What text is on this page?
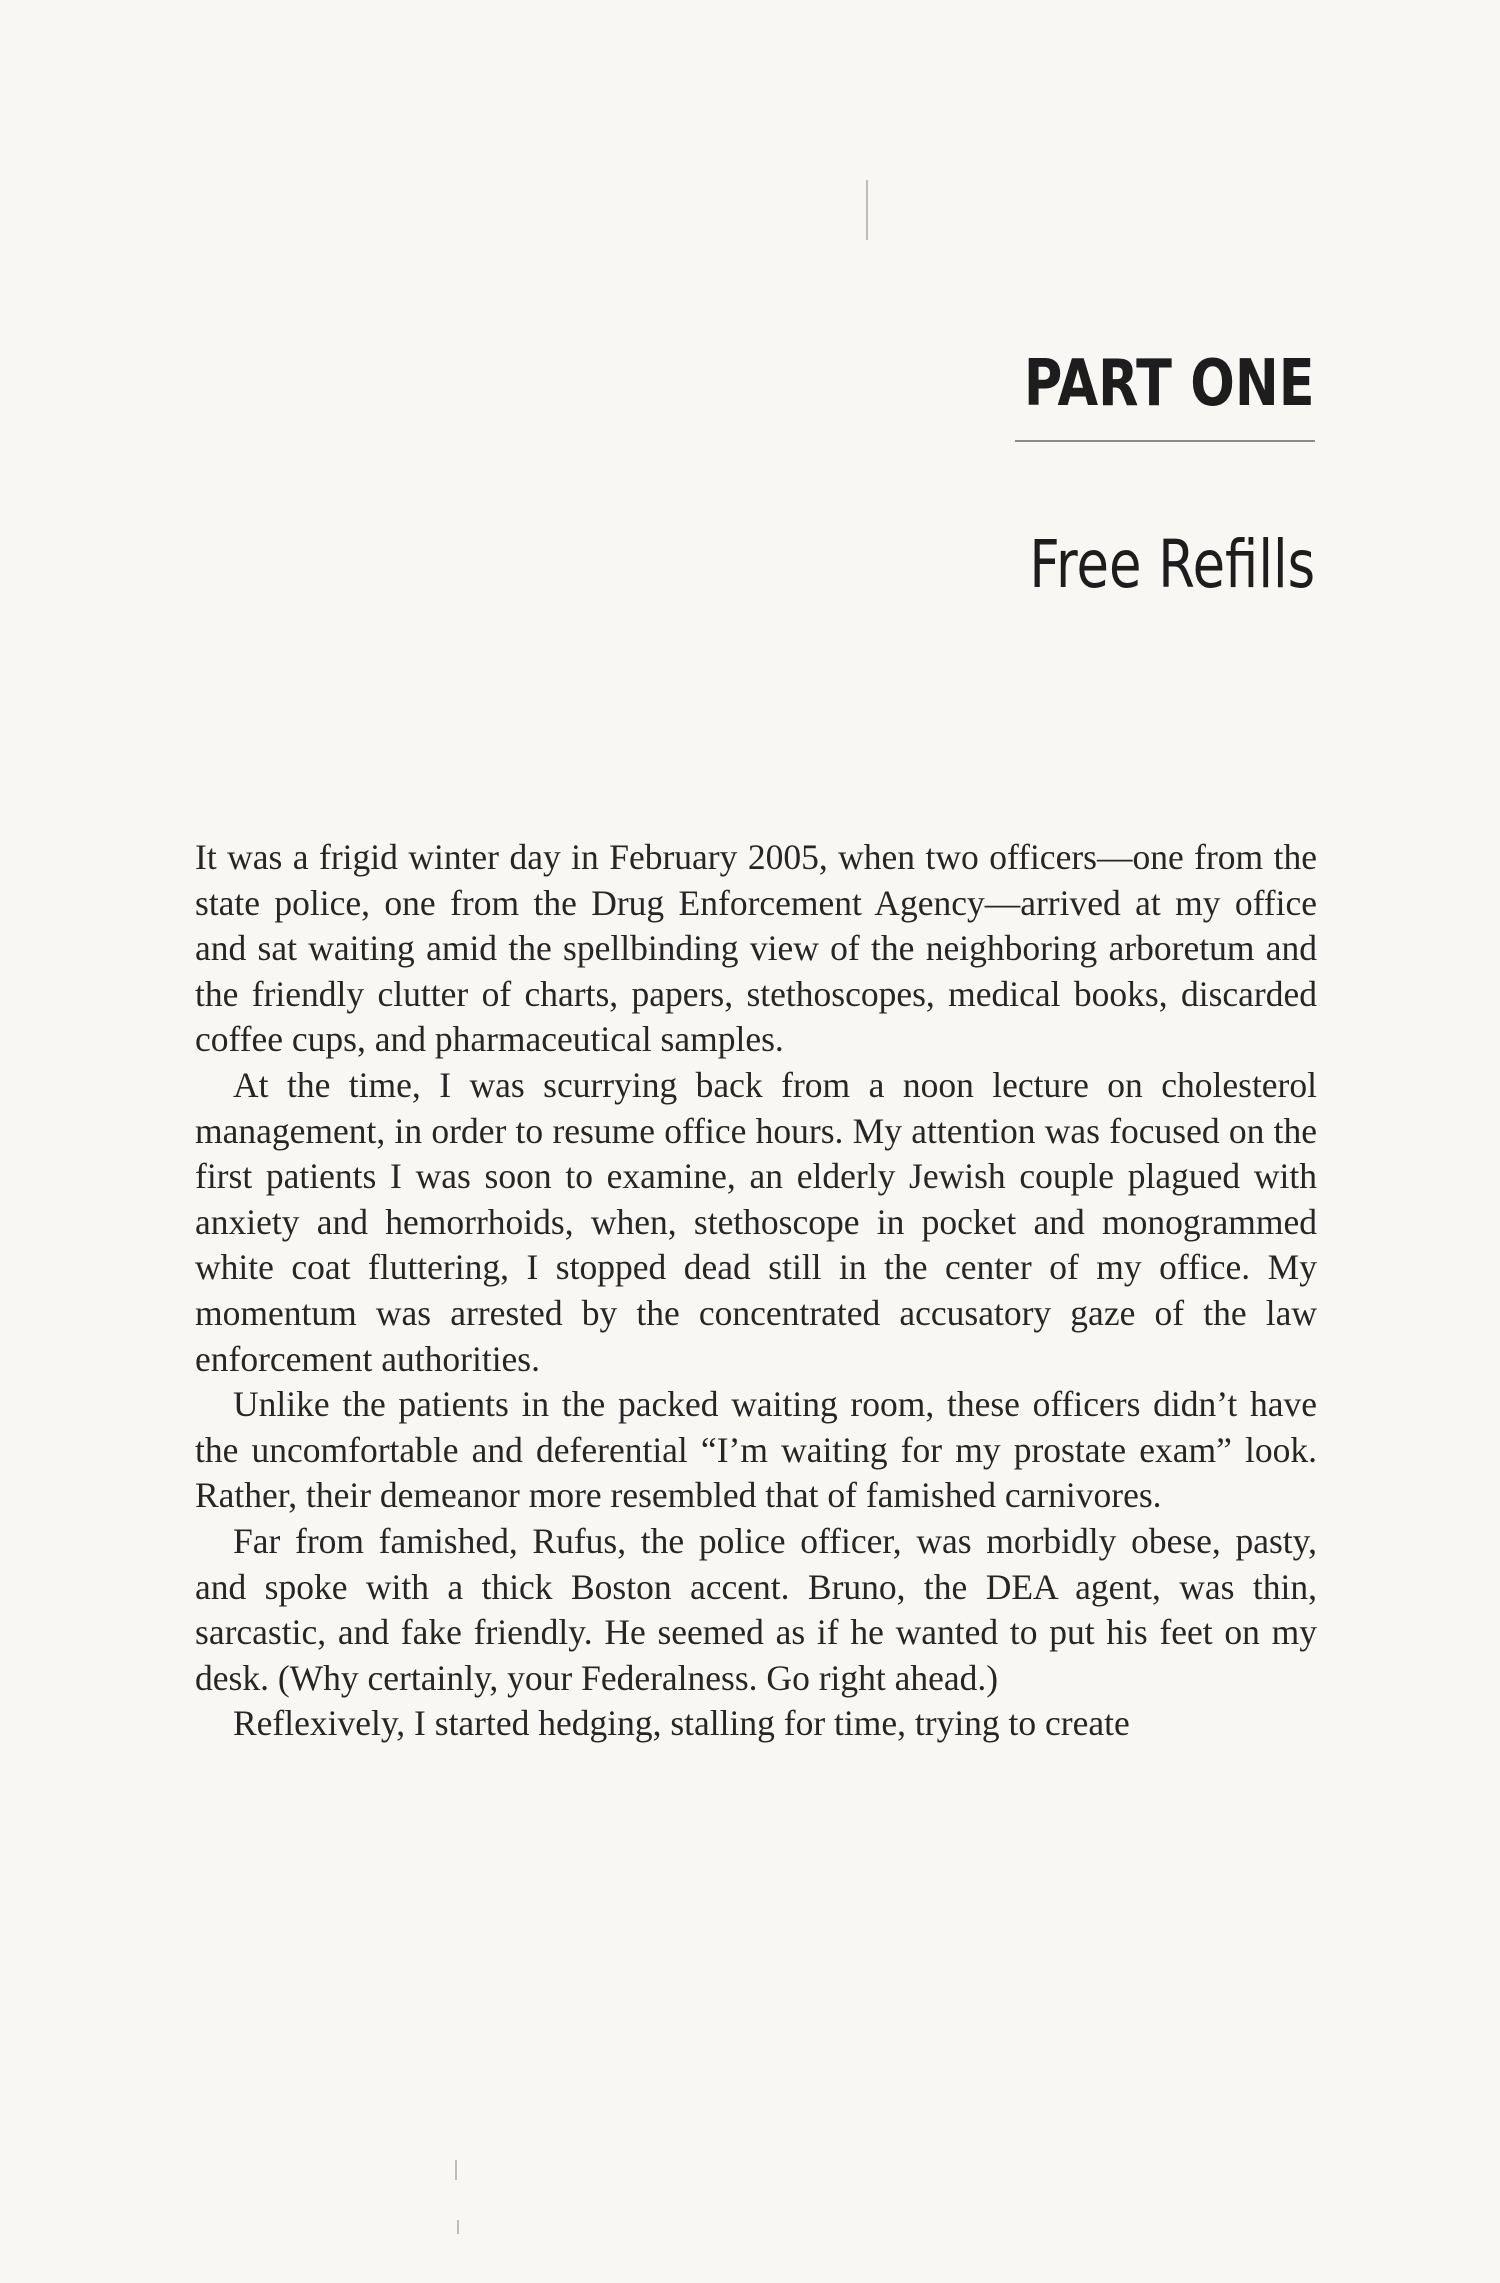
PART ONE
Free Refills

It was a frigid winter day in February 2005, when two officers—one from the state police, one from the Drug Enforcement Agency—arrived at my office and sat waiting amid the spellbinding view of the neighboring arboretum and the friendly clutter of charts, papers, stethoscopes, medical books, discarded coffee cups, and pharmaceutical samples.

At the time, I was scurrying back from a noon lecture on cholesterol management, in order to resume office hours. My attention was focused on the first patients I was soon to examine, an elderly Jewish couple plagued with anxiety and hemorrhoids, when, stethoscope in pocket and monogrammed white coat fluttering, I stopped dead still in the center of my office. My momentum was arrested by the concentrated accusatory gaze of the law enforcement authorities.

Unlike the patients in the packed waiting room, these officers didn’t have the uncomfortable and deferential “I’m waiting for my prostate exam” look. Rather, their demeanor more resembled that of famished carnivores.

Far from famished, Rufus, the police officer, was morbidly obese, pasty, and spoke with a thick Boston accent. Bruno, the DEA agent, was thin, sarcastic, and fake friendly. He seemed as if he wanted to put his feet on my desk. (Why certainly, your Federalness. Go right ahead.)

Reflexively, I started hedging, stalling for time, trying to create
